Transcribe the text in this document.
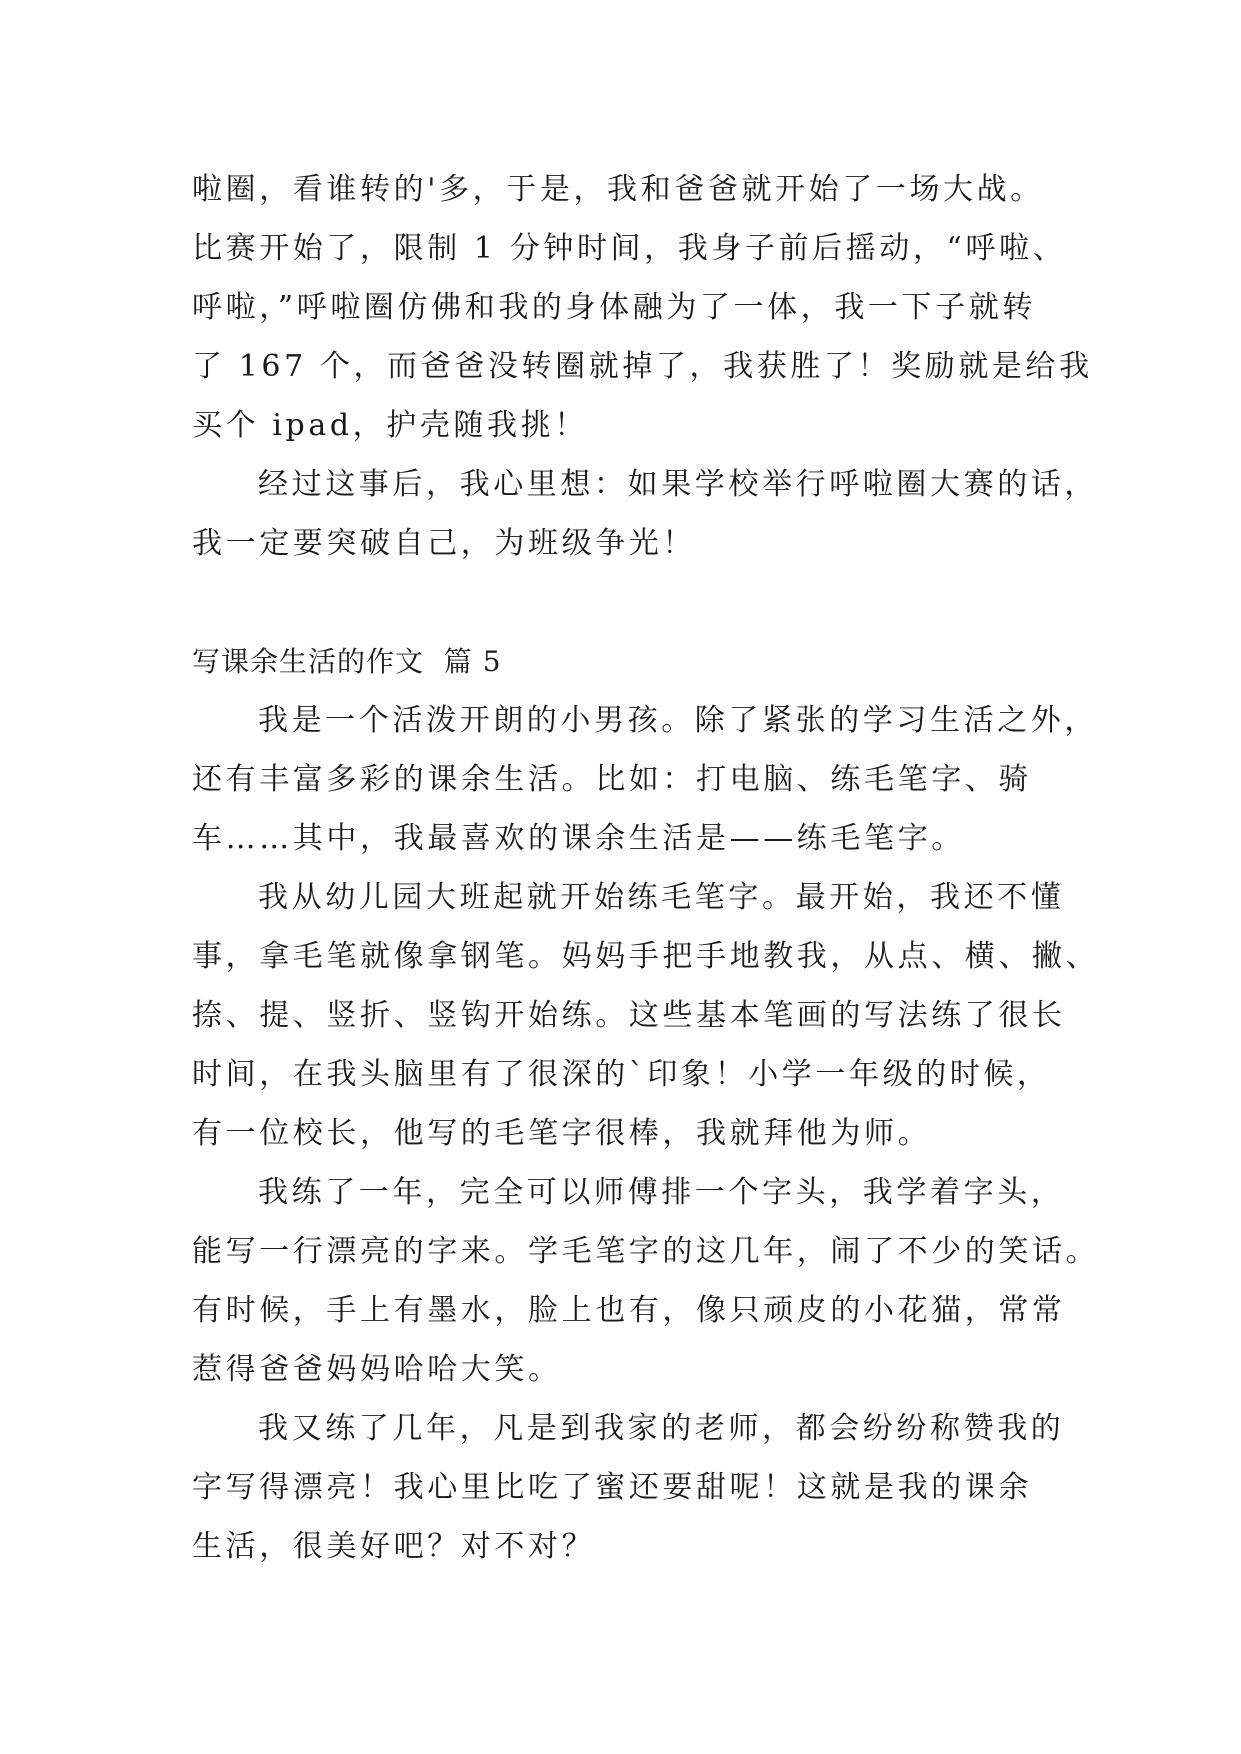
啦圈，看谁转的'多，于是，我和爸爸就开始了一场大战。
比赛开始了，限制 1 分钟时间，我身子前后摇动，“呼啦、
呼啦，”呼啦圈仿佛和我的身体融为了一体，我一下子就转
了 167 个，而爸爸没转圈就掉了，我获胜了！奖励就是给我
买个 ipad，护壳随我挑！
经过这事后，我心里想：如果学校举行呼啦圈大赛的话，
我一定要突破自己，为班级争光！
写课余生活的作文  篇 5
我是一个活泼开朗的小男孩。除了紧张的学习生活之外，
还有丰富多彩的课余生活。比如：打电脑、练毛笔字、骑
车……其中，我最喜欢的课余生活是——练毛笔字。
我从幼儿园大班起就开始练毛笔字。最开始，我还不懂
事，拿毛笔就像拿钢笔。妈妈手把手地教我，从点、横、撇、
捺、提、竖折、竖钩开始练。这些基本笔画的写法练了很长
时间，在我头脑里有了很深的`印象！小学一年级的时候，
有一位校长，他写的毛笔字很棒，我就拜他为师。
我练了一年，完全可以师傅排一个字头，我学着字头，
能写一行漂亮的字来。学毛笔字的这几年，闹了不少的笑话。
有时候，手上有墨水，脸上也有，像只顽皮的小花猫，常常
惹得爸爸妈妈哈哈大笑。
我又练了几年，凡是到我家的老师，都会纷纷称赞我的
字写得漂亮！我心里比吃了蜜还要甜呢！这就是我的课余
生活，很美好吧？对不对？
